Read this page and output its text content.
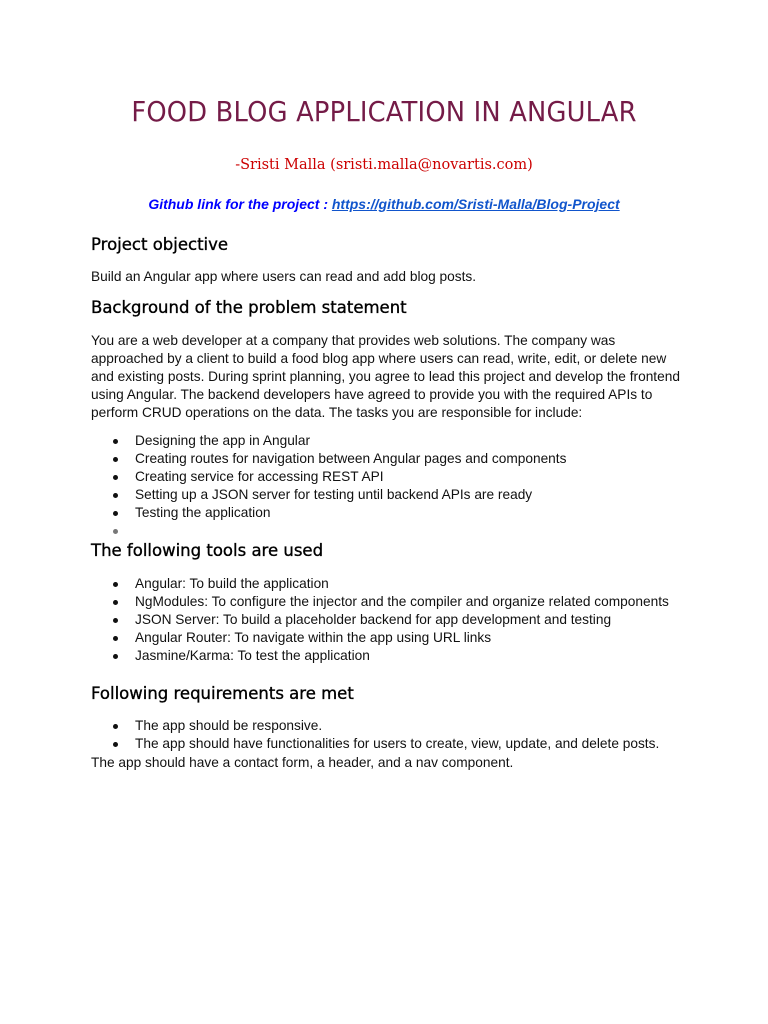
FOOD BLOG APPLICATION IN ANGULAR
-Sristi Malla (sristi.malla@novartis.com)
Github link for the project : https://github.com/Sristi-Malla/Blog-Project
Project objective

Build an Angular app where users can read and add blog posts.

Background of the problem statement

You are a web developer at a company that provides web solutions. The company was approached by a client to build a food blog app where users can read, write, edit, or delete new and existing posts. During sprint planning, you agree to lead this project and develop the frontend using Angular. The backend developers have agreed to provide you with the required APIs to perform CRUD operations on the data. The tasks you are responsible for include:

Designing the app in Angular
Creating routes for navigation between Angular pages and components
Creating service for accessing REST API
Setting up a JSON server for testing until backend APIs are ready
Testing the application
The following tools are used
Angular: To build the application
NgModules: To configure the injector and the compiler and organize related components
JSON Server: To build a placeholder backend for app development and testing
Angular Router: To navigate within the app using URL links
Jasmine/Karma: To test the application
Following requirements are met
The app should be responsive.
The app should have functionalities for users to create, view, update, and delete posts.

The app should have a contact form, a header, and a nav component.
